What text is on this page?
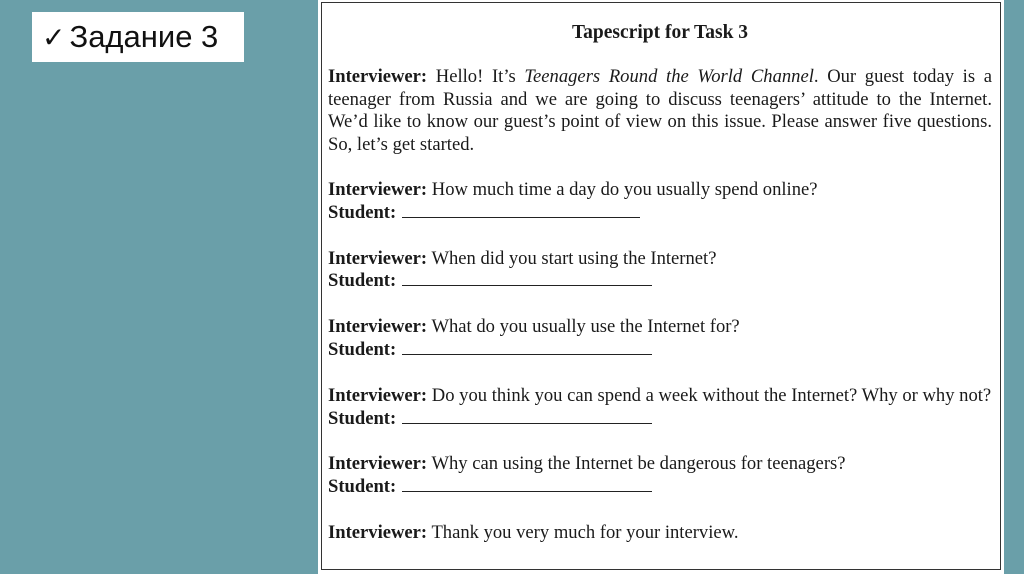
✓ Задание 3	Tapescript for Task 3

Interviewer: Hello! It’s Teenagers Round the World Channel. Our guest today is a teenager from Russia and we are going to discuss teenagers’ attitude to the Internet. We’d like to know our guest’s point of view on this issue. Please answer five questions. So, let’s get started.

Interviewer: How much time a day do you usually spend online?

Student:

Interviewer: When did you start using the Internet?

Student:

Interviewer: What do you usually use the Internet for?

Student:

Interviewer: Do you think you can spend a week without the Internet? Why or why not?

Student:

Interviewer: Why can using the Internet be dangerous for teenagers?

Student:

Interviewer: Thank you very much for your interview.
